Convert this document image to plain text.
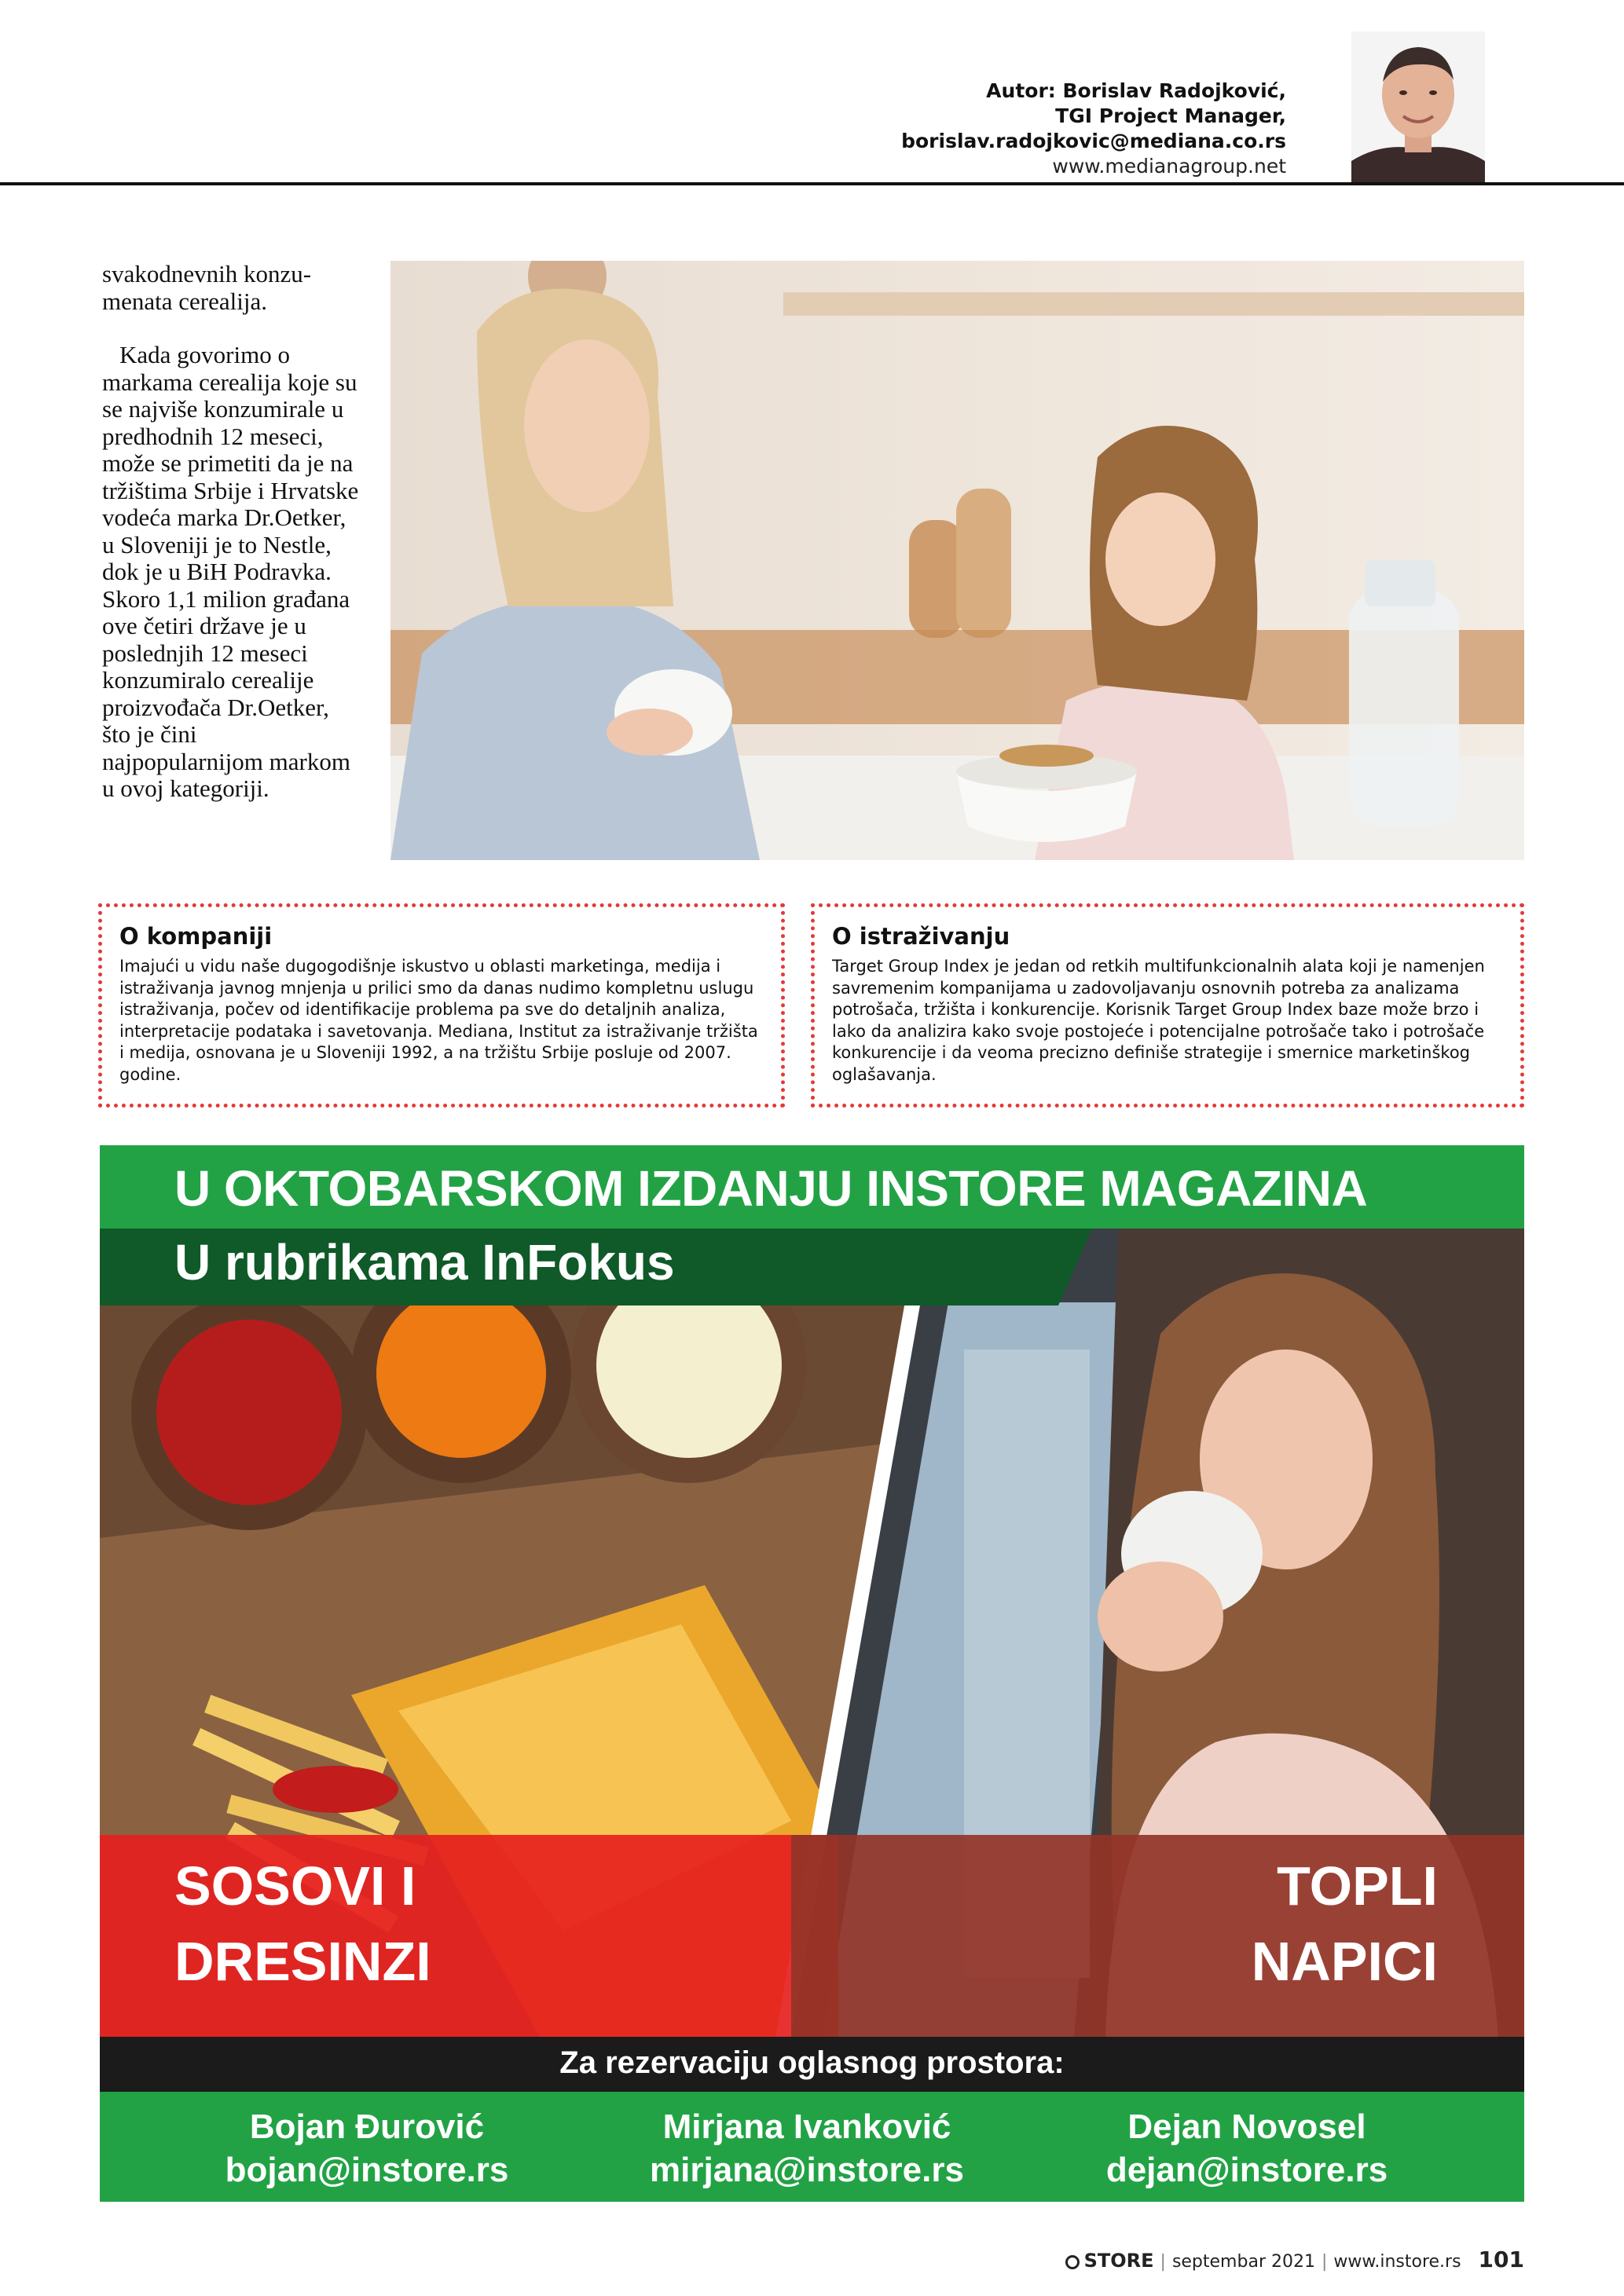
Autor: Borislav Radojković,
TGI Project Manager,
borislav.radojkovic@mediana.co.rs
www.medianagroup.net

svakodnevnih konzu-menata cerealija.

Kada govorimo o markama cerealija koje su se najviše konzumirale u predhodnih 12 meseci, može se primetiti da je na tržištima Srbije i Hrvatske vodeća marka Dr.Oetker, u Sloveniji je to Nestle, dok je u BiH Podravka. Skoro 1,1 milion građana ove četiri države je u poslednjih 12 meseci konzumiralo cerealije proizvođača Dr.Oetker, što je čini najpopularnijom markom u ovoj kategoriji.

O kompaniji

Imajući u vidu naše dugogodišnje iskustvo u oblasti marketinga, medija i istraživanja javnog mnjenja u prilici smo da danas nudimo kompletnu uslugu istraživanja, počev od identifikacije problema pa sve do detaljnih analiza, interpretacije podataka i savetovanja. Mediana, Institut za istraživanje tržišta i medija, osnovana je u Sloveniji 1992, a na tržištu Srbije posluje od 2007. godine.

O istraživanju

Target Group Index je jedan od retkih multifunkcionalnih alata koji je namenjen savremenim kompanijama u zadovoljavanju osnovnih potreba za analizama potrošača, tržišta i konkurencije. Korisnik Target Group Index baze može brzo i lako da analizira kako svoje postojeće i potencijalne potrošače tako i potrošače konkurencije i da veoma precizno definiše strategije i smernice marketinškog oglašavanja.

U OKTOBARSKOM IZDANJU INSTORE MAGAZINA
U rubrikama InFokus
SOSOVI I
DRESINZI
TOPLI
NAPICI
Za rezervaciju oglasnog prostora:
Bojan Đurović
bojan@instore.rs
Mirjana Ivanković
mirjana@instore.rs
Dejan Novosel
dejan@instore.rs
STORE | septembar 2021 | www.instore.rs 101
